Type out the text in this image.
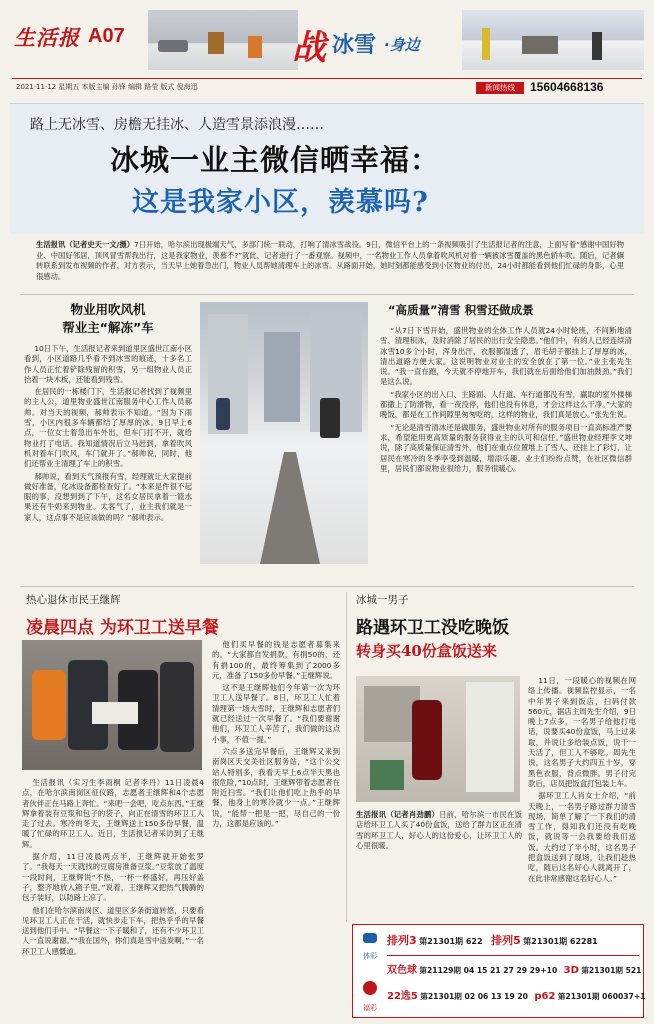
生活报 A07	战 冰雪 ·身边
2021·11·12 星期五 本版主编 孙锋 编辑 路莹 版式 倪海迅	新闻热线	15604668136
路上无冰雪、房檐无挂冰、人造雪景添浪漫……
冰城一业主微信晒幸福：
这是我家小区，羡慕吗?
生活报讯（记者史天一文/摄）7日开始，哈尔滨出现极端天气，多部门统一联动，打响了清冰雪战役。9日，微信平台上的一条视频吸引了生活报记者的注意，上面写着“感谢中国好物业、中国好邻居，顶风冒雪帮我出行，这是我家物业，羡慕不?”就此，记者进行了一番观察。视频中，一名物业工作人员拿着吹风机对着一辆被冰雪覆盖的黑色轿车吹。随后，记者辗转联系到发布视频的作者，对方表示，当天早上她着急出门，物业人员帮她清理车上的冰雪。从路面开始，她时刻都能感受到小区物业的付出，24小时都能看到他们忙碌的身影，心里很感动。
物业用吹风机
帮业主“解冻”车

10日下午，生活报记者来到道里区盛世江南小区看到，小区道路几乎看不到冰雪的痕迹，十多名工作人员正忙着铲除残留的积雪，另一组物业人员正抬着一块木板，还能看到残雪。

在居民的一栋楼门下，生活报记者找到了视频里的主人公，道里物业盛世江南服务中心工作人员郝帅。对当天的视频，郝帅表示不知道。“因为下雨雪，小区内很多车辆都结了厚厚的冰。9日早上6点，一位女士着急出车外出，但车门打不开，就给物业打了电话。我知道情况后立马赶到，拿着吹风机对着车门吹风，车门就开了。”郝帅说，同时，他们还帮业主清理了车上的积雪。

郝帅说，看到天气预报有雪，经理就让大家提前做好准备，化冰设备都检查好了。“本来是件很不起眼的事，没想到到了下午，这名女居民拿着一篮水果还有牛奶来到物业。太客气了，业主我们就是一家人，这点事不是应该做的吗？”郝帅表示。

“高质量”清雪 积雪还做成景

“从7日下雪开始，盛世物业的全体工作人员就24小时轮班，不间断地清雪、清理积冰，及时消除了居民的出行安全隐患。”他们中，有的人已经连续清冰雪10多个小时，浑身出汗，衣服都湿透了，眉毛胡子都挂上了厚厚的冰，清出道路方便大家。这说明物业对业主的安全放在了第一位。”业主张先生说。“我一直在跑，今天就不停地开车，我们就在后面给他们加油鼓劲。”我们是这么说。

“我家小区的出入口、主路面、人行道、车行道都没有雪，赢取的室外楼梯都撒上了防滑物，看一夜没停，他们也没有休息，才会这样这么干净。”大家的晚饭，都是在工作间隙里匆匆吃的，这样的物业，我们真是放心。”张先生说。

“无论是清雪清冰还是做服务，盛世物业对所有的服务项目一直高标准严要求，希望能用更高质量的服务获得业主的认可和信任。”盛世物业经理李文坤说，除了高质量保证清雪外，他们在重点位置堆上了雪人、还挂上了彩灯，让居民在寒冷的冬季享受到温暖，增添乐趣。业主们纷纷点赞，在社区微信群里，居民们都说物业很给力，服务很暖心。

热心退休市民王继辉
凌晨四点 为环卫工送早餐

生活报讯（实习生李雨桐 记者李丹）11日凌晨4点，在哈尔滨南岗区征仪路，志愿者王继辉和4个志愿者伙伴正在马路上奔忙。“来吧一会吧，吃点东西。”王继辉拿着装有豆浆和包子的袋子，向正在清雪的环卫工人走了过去。寒冷的冬天，王继辉送上150多份早餐，温暖了忙碌的环卫工人。近日，生活报记者采访到了王继辉。

据介绍，11日凌晨两点半，王继辉就开始张罗了。“我每天一天就找的豆腐房准备豆浆。”豆浆放了温度一段时间，王继辉说“不热，一杯一杯盛好，再压好盖子，整齐地放入箱子里。”说着，王继辉又把热气腾腾的包子装好，以防路上凉了。

他们在哈尔滨南岗区、道里区多条街道转悠，只要看见环卫工人正在干活，就快步走下车，把热乎乎的早餐送到他们手中。“早餐这一下子暖和了，还有不少环卫工人一直说谢谢。”“我在国外，你们真是雪中送炭啊。”一名环卫工人感慨道。

他们买早餐的钱是志愿者募集来的。“大家都自发捐款，有捐50的，还有捐100的，最终筹集到了2000多元，准备了150多份早餐。”王继辉说。

这不是王继辉他们今年第一次为环卫工人送早餐了。8日，环卫工人忙着清理第一场大雪时，王继辉和志愿者们就已经送过一次早餐了。“我们要谢谢他们，环卫工人辛苦了，我们做的这点小事，不值一提。”

六点多送完早餐后，王继辉又来到南岗区天交关社区服务站，“这个公交站人特别多，我看天早上6点半天黑也很危险，”10点时，王继辉带着志愿者在附近扫雪。“我们让他们吃上热乎的早餐，他身上的寒冷就少一点。”王继辉说，“能帮一把是一把，尽自己的一份力，这都是应该的。”

冰城一男子
路遇环卫工没吃晚饭
转身买40份盒饭送来

11日，一段暖心的视频在网络上传播。视频监控显示，一名中年男子来到饭店，扫码付款560元，据店主周先生介绍，9日晚上7点多，一名男子给他打电话，说要买40份盒饭，马上过来取，并说让多给装点饭，说干一天活了，但工人不够吃。周先生说，这名男子大约四五十岁，穿黑色衣服，背点微胖。男子付完款后，店员把饭盒打包装上车。

据环卫工人肖女士介绍，“前天晚上，一名男子路过群力清雪现场，简单了解了一下我们的清雪工作，得知我们还没有吃晚饭，就说等一会我要给我们送饭。大约过了半小时，这名男子把盒饭送到了现场，让我们趁热吃，随后这名好心人就离开了，在此非常感谢这名好心人。”

生活报讯（记者肖劲鹏）日前，哈尔滨一市民在饭店给环卫工人买了40份盒饭，送给了群力区正在清雪的环卫工人，好心人的这份爱心，让环卫工人的心里很暖。

体彩
福彩
排列3 第21301期 622 排列5 第21301期 62281
双色球 第21129期 04 15 21 27 29 29+10 3D 第21301期 521
22选5 第21301期 02 06 13 19 20 p62 第21301期 060037+1
